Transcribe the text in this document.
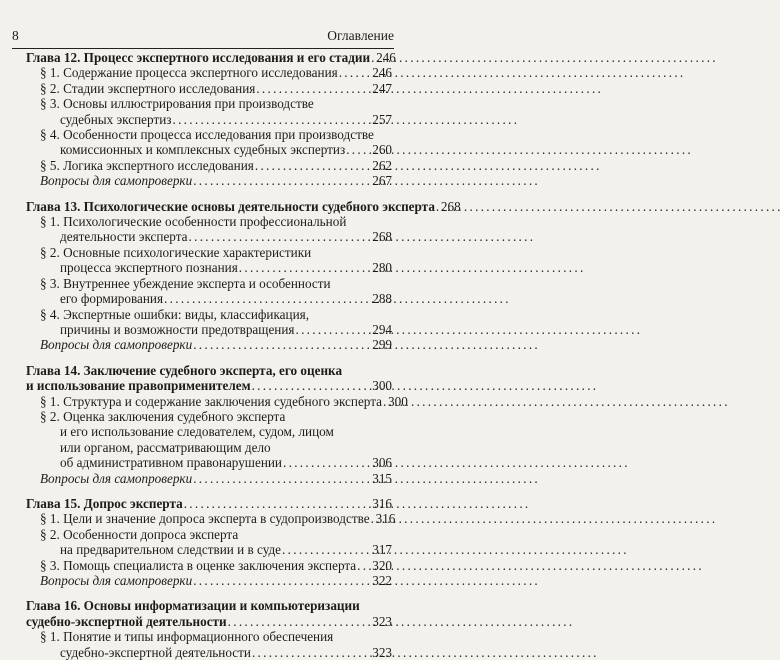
8	Оглавление
Глава 12. Процесс экспертного исследования и его стадии . . . 246
§ 1. Содержание процесса экспертного исследования . . .	246
§ 2. Стадии экспертного исследования . . .	247
§ 3. Основы иллюстрирования при производстве
судебных экспертиз . . .	257
§ 4. Особенности процесса исследования при производстве
комиссионных и комплексных судебных экспертиз . . . 260
§ 5. Логика экспертного исследования . . .	262
Вопросы для самопроверки . . .	267
Глава 13. Психологические основы деятельности судебного эксперта . . . 268
§ 1. Психологические особенности профессиональной
деятельности эксперта . . .	268
§ 2. Основные психологические характеристики
процесса экспертного познания . . .	280
§ 3. Внутреннее убеждение эксперта и особенности
его формирования . . .	288
§ 4. Экспертные ошибки: виды, классификация,
причины и возможности предотвращения . . .	294
Вопросы для самопроверки . . .	299
Глава 14. Заключение судебного эксперта, его оценка
и использование правоприменителем . . .	300
§ 1. Структура и содержание заключения судебного эксперта . . . 300
§ 2. Оценка заключения судебного эксперта
и его использование следователем, судом, лицом
или органом, рассматривающим дело
об административном правонарушении . . .	306
Вопросы для самопроверки . . .	315
Глава 15. Допрос эксперта . . .	316
§ 1. Цели и значение допроса эксперта в судопроизводстве . . . 316
§ 2. Особенности допроса эксперта
на предварительном следствии и в суде . . .	317
§ 3. Помощь специалиста в оценке заключения эксперта . . . 320
Вопросы для самопроверки . . .	322
Глава 16. Основы информатизации и компьютеризации
судебно-экспертной деятельности . . .	323
§ 1. Понятие и типы информационного обеспечения
судебно-экспертной деятельности . . .	323
